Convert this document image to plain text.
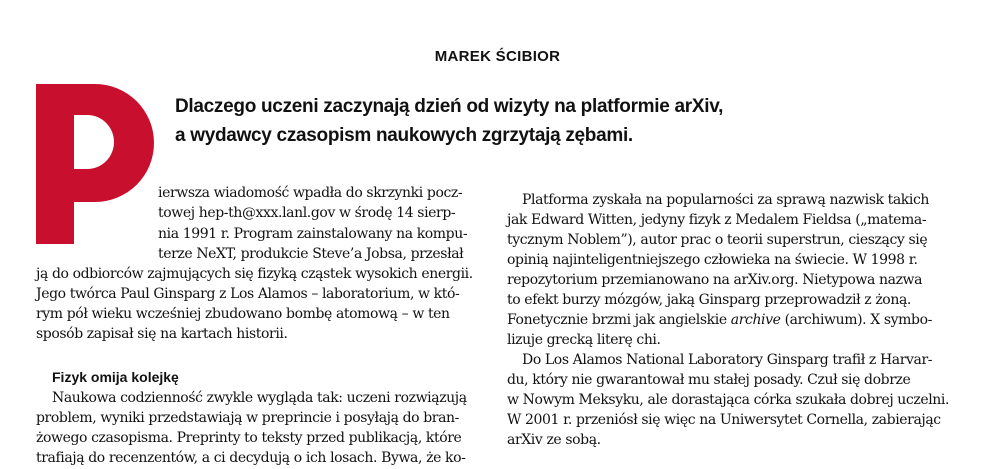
MAREK ŚCIBIOR
Dlaczego uczeni zaczynają dzień od wizyty na platformie arXiv,
a wydawcy czasopism naukowych zgrzytają zębami.
ierwsza wiadomość wpadła do skrzynki pocz-
towej hep-th@xxx.lanl.gov w środę 14 sierp-
nia 1991 r. Program zainstalowany na kompu-
terze NeXT, produkcie Steve’a Jobsa, przesłał
ją do odbiorców zajmujących się fizyką cząstek wysokich energii.
Jego twórca Paul Ginsparg z Los Alamos – laboratorium, w któ-
rym pół wieku wcześniej zbudowano bombę atomową – w ten
sposób zapisał się na kartach historii.
Fizyk omija kolejkę
Naukowa codzienność zwykle wygląda tak: uczeni rozwiązują
problem, wyniki przedstawiają w preprincie i posyłają do bran-
żowego czasopisma. Preprinty to teksty przed publikacją, które
trafiają do recenzentów, a ci decydują o ich losach. Bywa, że ko-
Platforma zyskała na popularności za sprawą nazwisk takich
jak Edward Witten, jedyny fizyk z Medalem Fieldsa („matema-
tycznym Noblem”), autor prac o teorii superstrun, cieszący się
opinią najinteligentniejszego człowieka na świecie. W 1998 r.
repozytorium przemianowano na arXiv.org. Nietypowa nazwa
to efekt burzy mózgów, jaką Ginsparg przeprowadził z żoną.
Fonetycznie brzmi jak angielskie archive (archiwum). X symbo-
lizuje grecką literę chi.
Do Los Alamos National Laboratory Ginsparg trafił z Harvar-
du, który nie gwarantował mu stałej posady. Czuł się dobrze
w Nowym Meksyku, ale dorastająca córka szukała dobrej uczelni.
W 2001 r. przeniósł się więc na Uniwersytet Cornella, zabierając
arXiv ze sobą.
